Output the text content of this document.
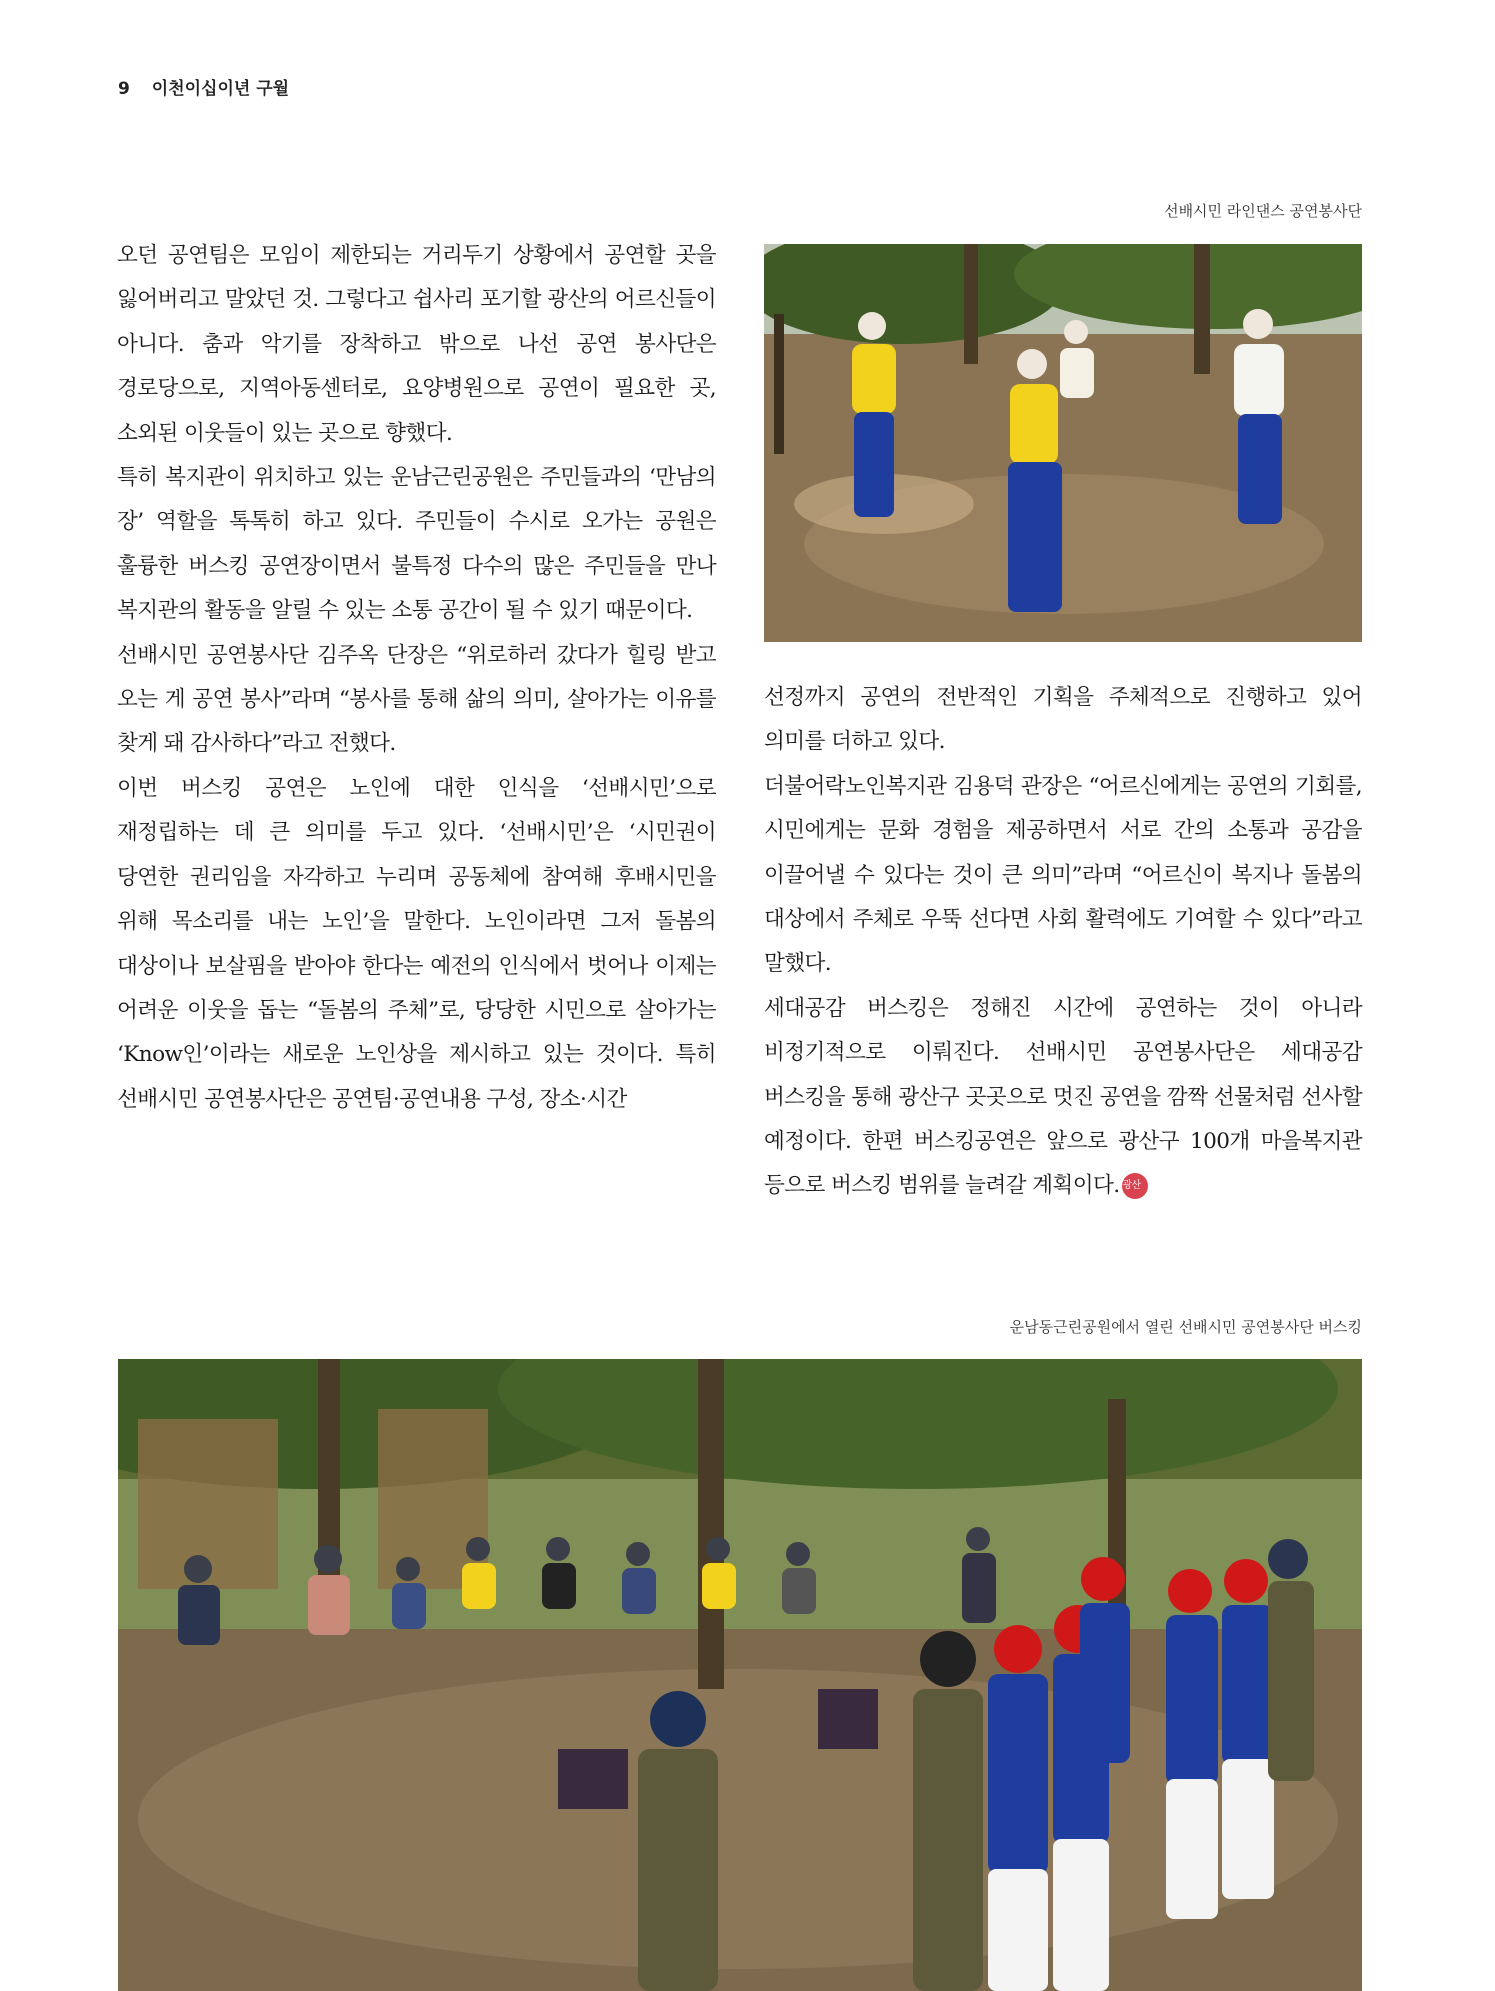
9 이천이십이년 구월
선배시민 라인댄스 공연봉사단

오던 공연팀은 모임이 제한되는 거리두기 상황에서 공연할 곳을 잃어버리고 말았던 것. 그렇다고 쉽사리 포기할 광산의 어르신들이 아니다. 춤과 악기를 장착하고 밖으로 나선 공연 봉사단은 경로당으로, 지역아동센터로, 요양병원으로 공연이 필요한 곳, 소외된 이웃들이 있는 곳으로 향했다.

특히 복지관이 위치하고 있는 운남근린공원은 주민들과의 ‘만남의 장’ 역할을 톡톡히 하고 있다. 주민들이 수시로 오가는 공원은 훌륭한 버스킹 공연장이면서 불특정 다수의 많은 주민들을 만나 복지관의 활동을 알릴 수 있는 소통 공간이 될 수 있기 때문이다.

선배시민 공연봉사단 김주옥 단장은 “위로하러 갔다가 힐링 받고 오는 게 공연 봉사”라며 “봉사를 통해 삶의 의미, 살아가는 이유를 찾게 돼 감사하다”라고 전했다.

이번 버스킹 공연은 노인에 대한 인식을 ‘선배시민’으로 재정립하는 데 큰 의미를 두고 있다. ‘선배시민’은 ‘시민권이 당연한 권리임을 자각하고 누리며 공동체에 참여해 후배시민을 위해 목소리를 내는 노인’을 말한다. 노인이라면 그저 돌봄의 대상이나 보살핌을 받아야 한다는 예전의 인식에서 벗어나 이제는 어려운 이웃을 돕는 “돌봄의 주체”로, 당당한 시민으로 살아가는 ‘Know인’이라는 새로운 노인상을 제시하고 있는 것이다. 특히 선배시민 공연봉사단은 공연팀·공연내용 구성, 장소·시간

선정까지 공연의 전반적인 기획을 주체적으로 진행하고 있어 의미를 더하고 있다.

더불어락노인복지관 김용덕 관장은 “어르신에게는 공연의 기회를, 시민에게는 문화 경험을 제공하면서 서로 간의 소통과 공감을 이끌어낼 수 있다는 것이 큰 의미”라며 “어르신이 복지나 돌봄의 대상에서 주체로 우뚝 선다면 사회 활력에도 기여할 수 있다”라고 말했다.

세대공감 버스킹은 정해진 시간에 공연하는 것이 아니라 비정기적으로 이뤄진다. 선배시민 공연봉사단은 세대공감 버스킹을 통해 광산구 곳곳으로 멋진 공연을 깜짝 선물처럼 선사할 예정이다. 한편 버스킹공연은 앞으로 광산구 100개 마을복지관 등으로 버스킹 범위를 늘려갈 계획이다. 광산

운남동근린공원에서 열린 선배시민 공연봉사단 버스킹
